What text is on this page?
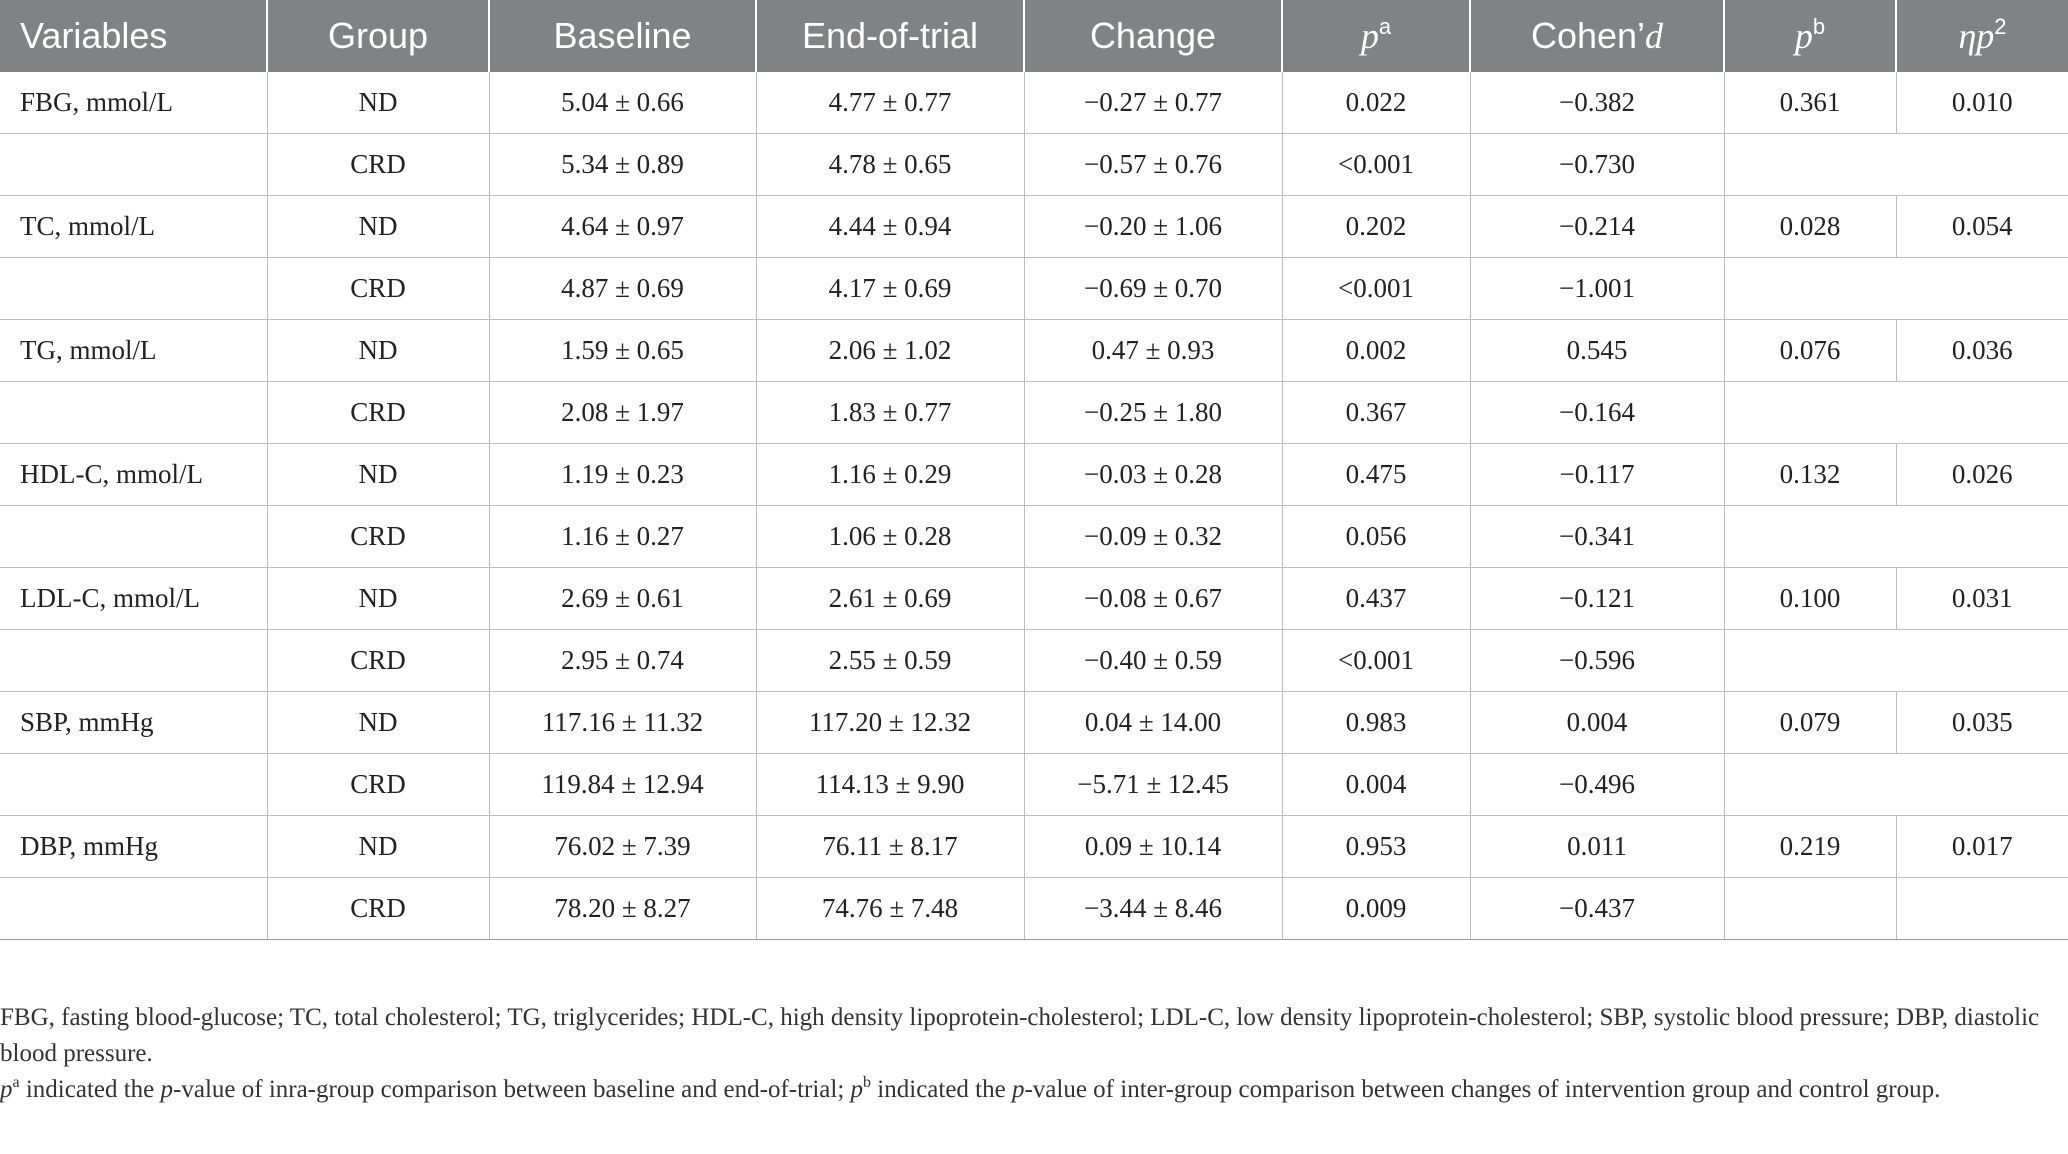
Variables	Group	Baseline	End-of-trial	Change	$p^a$	Cohen’d	$p^b$	$\eta p^2$
FBG, mmol/L	ND	5.04 ± 0.66	4.77 ± 0.77	−0.27 ± 0.77	0.022	−0.382	0.361	0.010
	CRD	5.34 ± 0.89	4.78 ± 0.65	−0.57 ± 0.76	<0.001	−0.730		
TC, mmol/L	ND	4.64 ± 0.97	4.44 ± 0.94	−0.20 ± 1.06	0.202	−0.214	0.028	0.054
	CRD	4.87 ± 0.69	4.17 ± 0.69	−0.69 ± 0.70	<0.001	−1.001		
TG, mmol/L	ND	1.59 ± 0.65	2.06 ± 1.02	0.47 ± 0.93	0.002	0.545	0.076	0.036
	CRD	2.08 ± 1.97	1.83 ± 0.77	−0.25 ± 1.80	0.367	−0.164		
HDL-C, mmol/L	ND	1.19 ± 0.23	1.16 ± 0.29	−0.03 ± 0.28	0.475	−0.117	0.132	0.026
	CRD	1.16 ± 0.27	1.06 ± 0.28	−0.09 ± 0.32	0.056	−0.341		
LDL-C, mmol/L	ND	2.69 ± 0.61	2.61 ± 0.69	−0.08 ± 0.67	0.437	−0.121	0.100	0.031
	CRD	2.95 ± 0.74	2.55 ± 0.59	−0.40 ± 0.59	<0.001	−0.596		
SBP, mmHg	ND	117.16 ± 11.32	117.20 ± 12.32	0.04 ± 14.00	0.983	0.004	0.079	0.035
	CRD	119.84 ± 12.94	114.13 ± 9.90	−5.71 ± 12.45	0.004	−0.496		
DBP, mmHg	ND	76.02 ± 7.39	76.11 ± 8.17	0.09 ± 10.14	0.953	0.011	0.219	0.017
	CRD	78.20 ± 8.27	74.76 ± 7.48	−3.44 ± 8.46	0.009	−0.437		

FBG, fasting blood-glucose; TC, total cholesterol; TG, triglycerides; HDL-C, high density lipoprotein-cholesterol; LDL-C, low density lipoprotein-cholesterol; SBP, systolic blood pressure; DBP, diastolic blood pressure.

$p^a$ indicated the p-value of inra-group comparison between baseline and end-of-trial; $p^b$ indicated the p-value of inter-group comparison between changes of intervention group and control group.
